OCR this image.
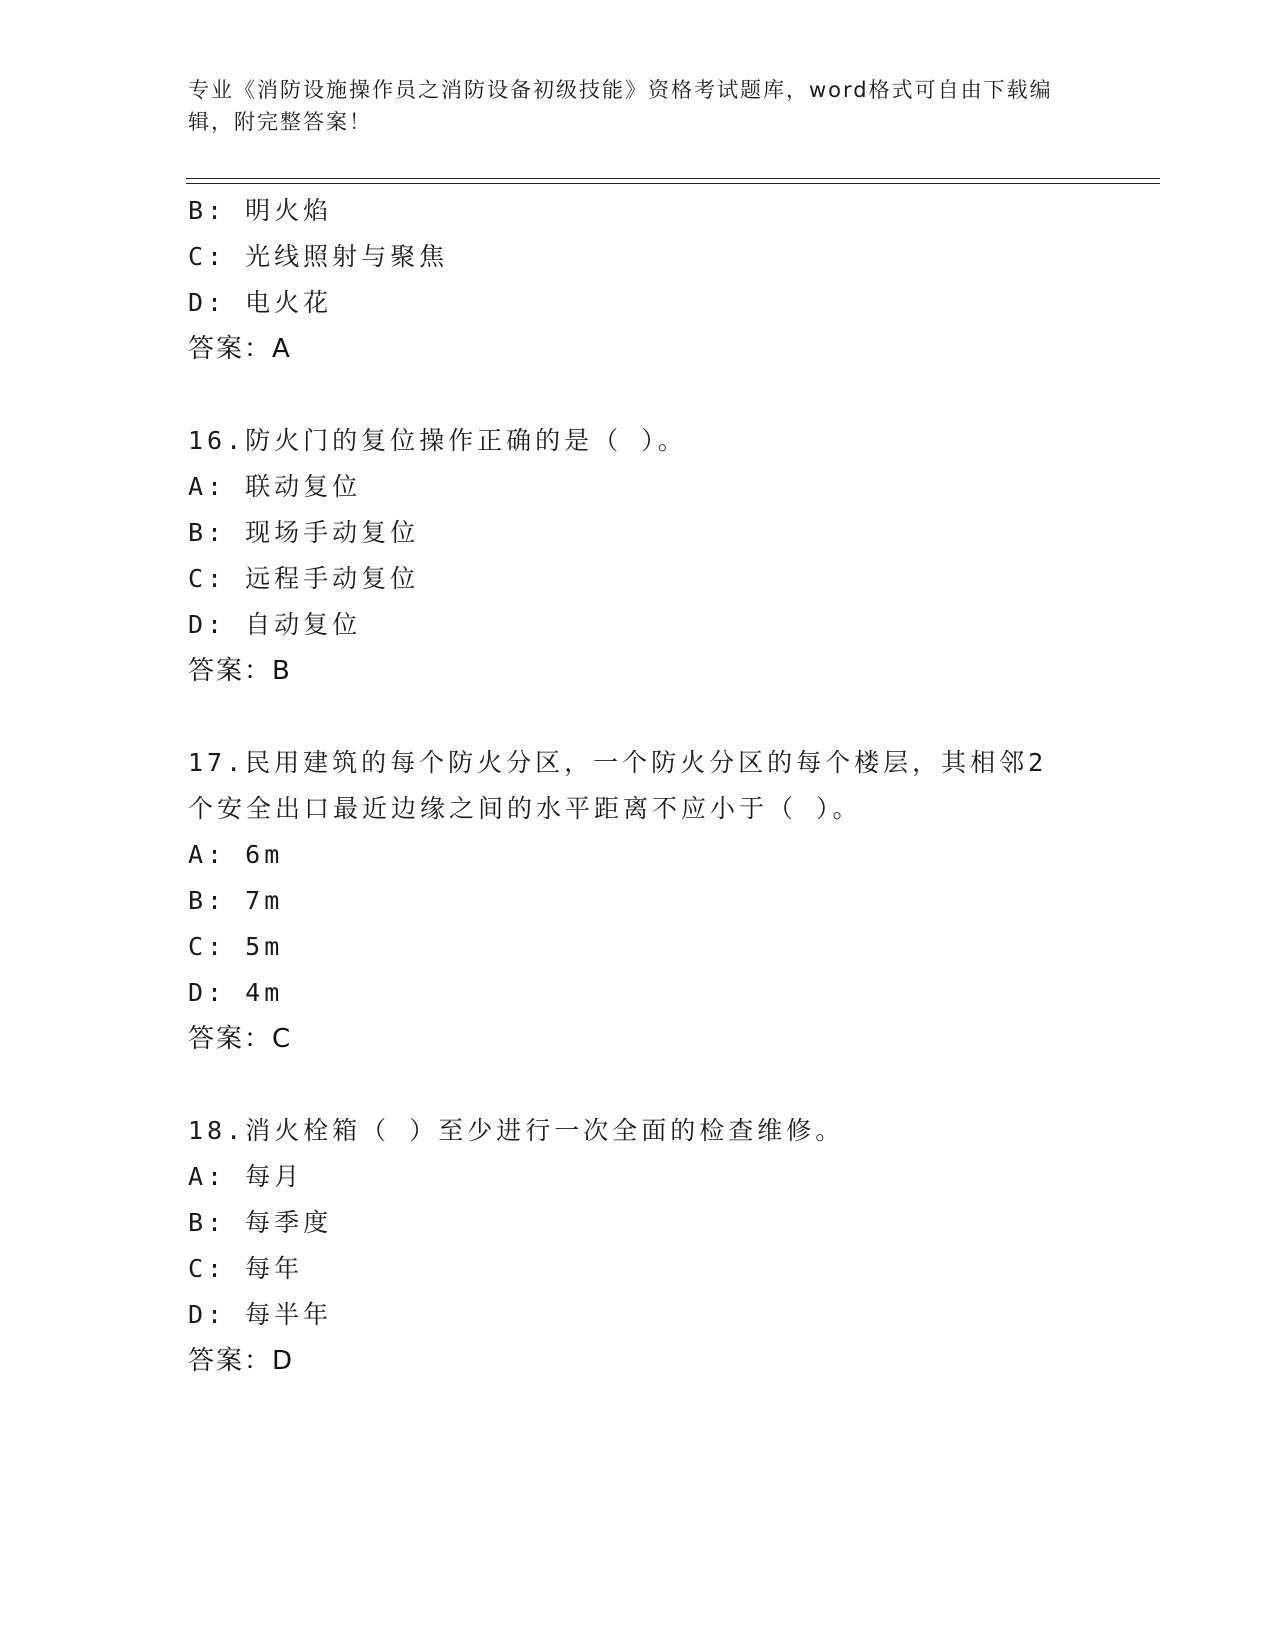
专业《消防设施操作员之消防设备初级技能》资格考试题库，word格式可自由下载编辑，附完整答案！
B: 明火焰
C: 光线照射与聚焦
D: 电火花
答案：A
16.防火门的复位操作正确的是（ ）。
A: 联动复位
B: 现场手动复位
C: 远程手动复位
D: 自动复位
答案：B
17.民用建筑的每个防火分区，一个防火分区的每个楼层，其相邻2个安全出口最近边缘之间的水平距离不应小于（ ）。
A: 6m
B: 7m
C: 5m
D: 4m
答案：C
18.消火栓箱（ ）至少进行一次全面的检查维修。
A: 每月
B: 每季度
C: 每年
D: 每半年
答案：D
